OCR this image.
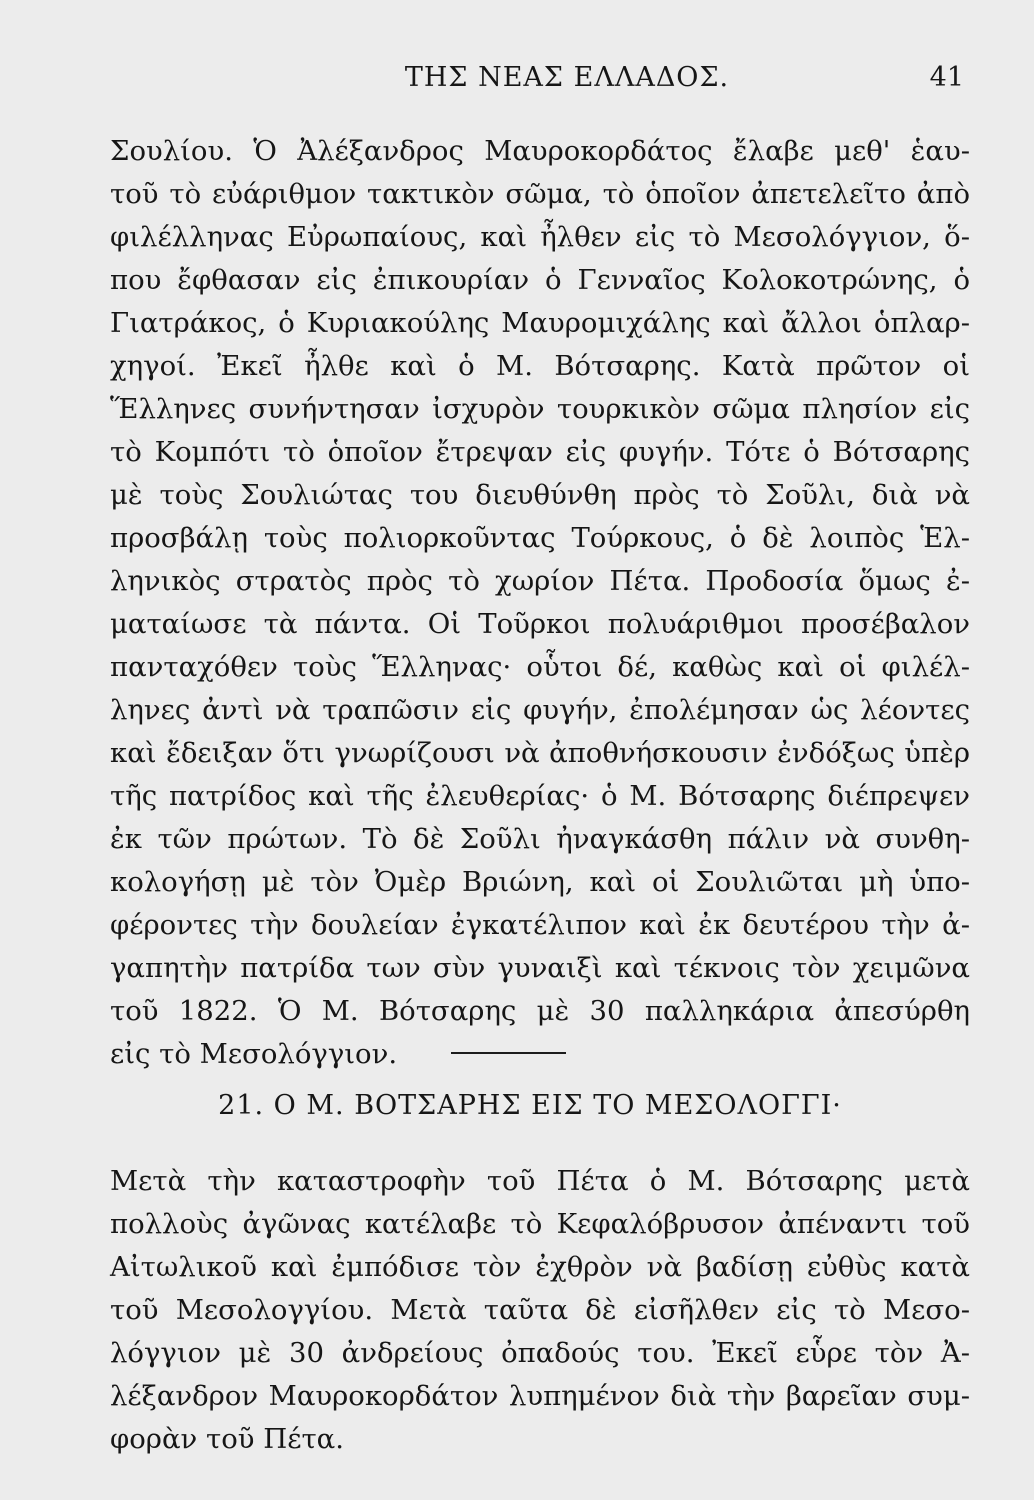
ΤΗΣ ΝΕΑΣ ΕΛΛΑΔΟΣ.	41
Σουλίου. Ὁ Ἀλέξανδρος Μαυροκορδάτος ἔλαβε μεθ' ἑαυ-
τοῦ τὸ εὐάριθμον τακτικὸν σῶμα, τὸ ὁποῖον ἀπετελεῖτο ἀπὸ
φιλέλληνας Εὐρωπαίους, καὶ ἦλθεν εἰς τὸ Μεσολόγγιον, ὅ-
που ἔφθασαν εἰς ἐπικουρίαν ὁ Γενναῖος Κολοκοτρώνης, ὁ
Γιατράκος, ὁ Κυριακούλης Μαυρομιχάλης καὶ ἄλλοι ὁπλαρ-
χηγοί. Ἐκεῖ ἦλθε καὶ ὁ Μ. Βότσαρης. Κατὰ πρῶτον οἱ
Ἕλληνες συνήντησαν ἰσχυρὸν τουρκικὸν σῶμα πλησίον εἰς
τὸ Κομπότι τὸ ὁποῖον ἔτρεψαν εἰς φυγήν. Τότε ὁ Βότσαρης
μὲ τοὺς Σουλιώτας του διευθύνθη πρὸς τὸ Σοῦλι, διὰ νὰ
προσβάλῃ τοὺς πολιορκοῦντας Τούρκους, ὁ δὲ λοιπὸς Ἑλ-
ληνικὸς στρατὸς πρὸς τὸ χωρίον Πέτα. Προδοσία ὅμως ἐ-
ματαίωσε τὰ πάντα. Οἱ Τοῦρκοι πολυάριθμοι προσέβαλον
πανταχόθεν τοὺς Ἕλληνας· οὗτοι δέ, καθὼς καὶ οἱ φιλέλ-
ληνες ἀντὶ νὰ τραπῶσιν εἰς φυγήν, ἐπολέμησαν ὡς λέοντες
καὶ ἔδειξαν ὅτι γνωρίζουσι νὰ ἀποθνήσκουσιν ἐνδόξως ὑπὲρ
τῆς πατρίδος καὶ τῆς ἐλευθερίας· ὁ Μ. Βότσαρης διέπρεψεν
ἐκ τῶν πρώτων. Τὸ δὲ Σοῦλι ἠναγκάσθη πάλιν νὰ συνθη-
κολογήσῃ μὲ τὸν Ὀμὲρ Βριώνη, καὶ οἱ Σουλιῶται μὴ ὑπο-
φέροντες τὴν δουλείαν ἐγκατέλιπον καὶ ἐκ δευτέρου τὴν ἀ-
γαπητὴν πατρίδα των σὺν γυναιξὶ καὶ τέκνοις τὸν χειμῶνα
τοῦ 1822. Ὁ Μ. Βότσαρης μὲ 30 παλληκάρια ἀπεσύρθη
εἰς τὸ Μεσολόγγιον.
21. Ο Μ. ΒΟΤΣΑΡΗΣ ΕΙΣ ΤΟ ΜΕΣΟΛΟΓΓΙ·
Μετὰ τὴν καταστροφὴν τοῦ Πέτα ὁ Μ. Βότσαρης μετὰ
πολλοὺς ἀγῶνας κατέλαβε τὸ Κεφαλόβρυσον ἀπέναντι τοῦ
Αἰτωλικοῦ καὶ ἐμπόδισε τὸν ἐχθρὸν νὰ βαδίσῃ εὐθὺς κατὰ
τοῦ Μεσολογγίου. Μετὰ ταῦτα δὲ εἰσῆλθεν εἰς τὸ Μεσο-
λόγγιον μὲ 30 ἀνδρείους ὀπαδούς του. Ἐκεῖ εὗρε τὸν Ἀ-
λέξανδρον Μαυροκορδάτον λυπημένον διὰ τὴν βαρεῖαν συμ-
φορὰν τοῦ Πέτα.
